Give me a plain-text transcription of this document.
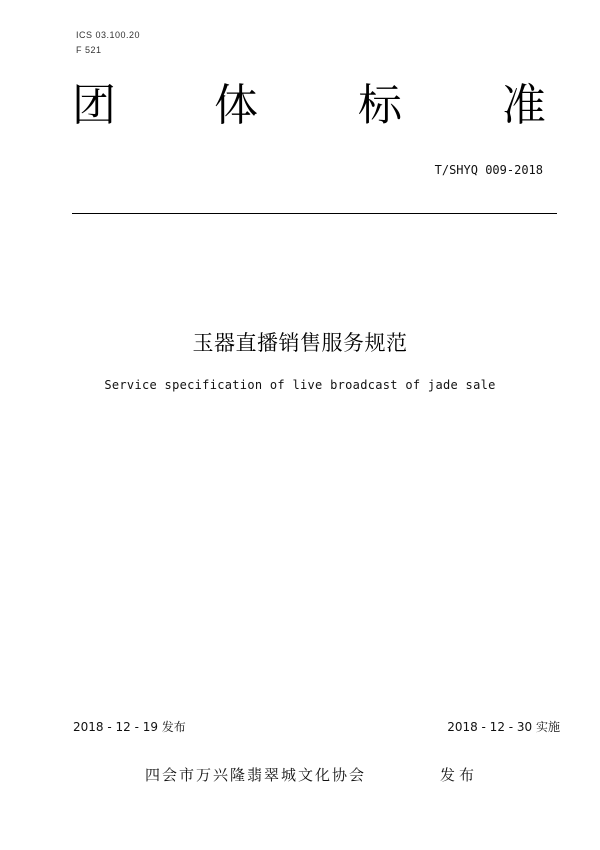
ICS 03.100.20
F 521
团 体 标 准
T/SHYQ 009-2018
玉器直播销售服务规范
Service specification of live broadcast of jade sale
2018 - 12 - 19 发布	2018 - 12 - 30 实施
四会市万兴隆翡翠城文化协会	发布
